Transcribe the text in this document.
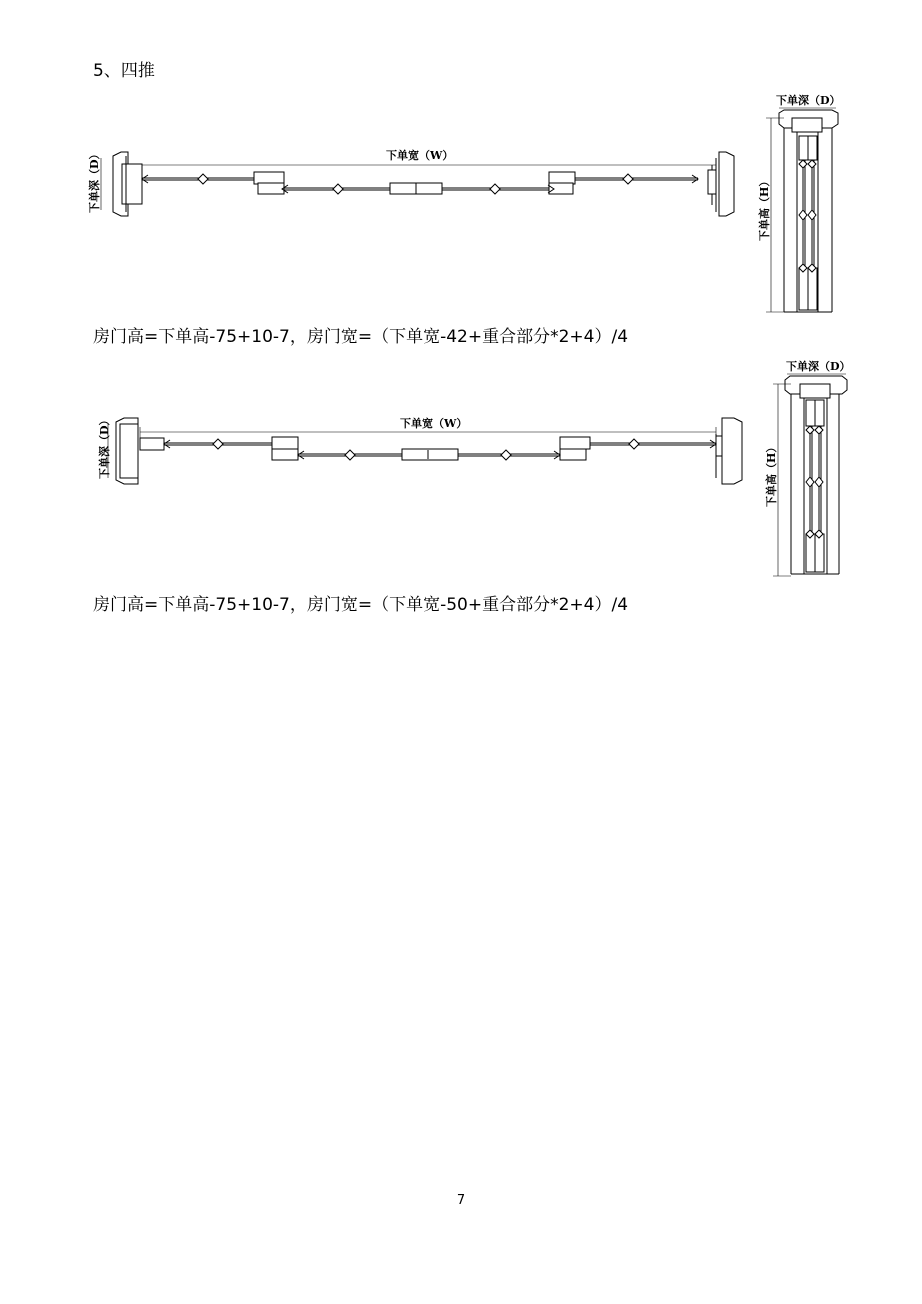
5、四推
下单宽（W）
下单深（D）
下单深（D）
下单高（H）
下单宽（W）
下单深（D）
下单深（D）
下单高（H）
房门高=下单高-75+10-7，房门宽=（下单宽-42+重合部分*2+4）/4
房门高=下单高-75+10-7，房门宽=（下单宽-50+重合部分*2+4）/4
7
